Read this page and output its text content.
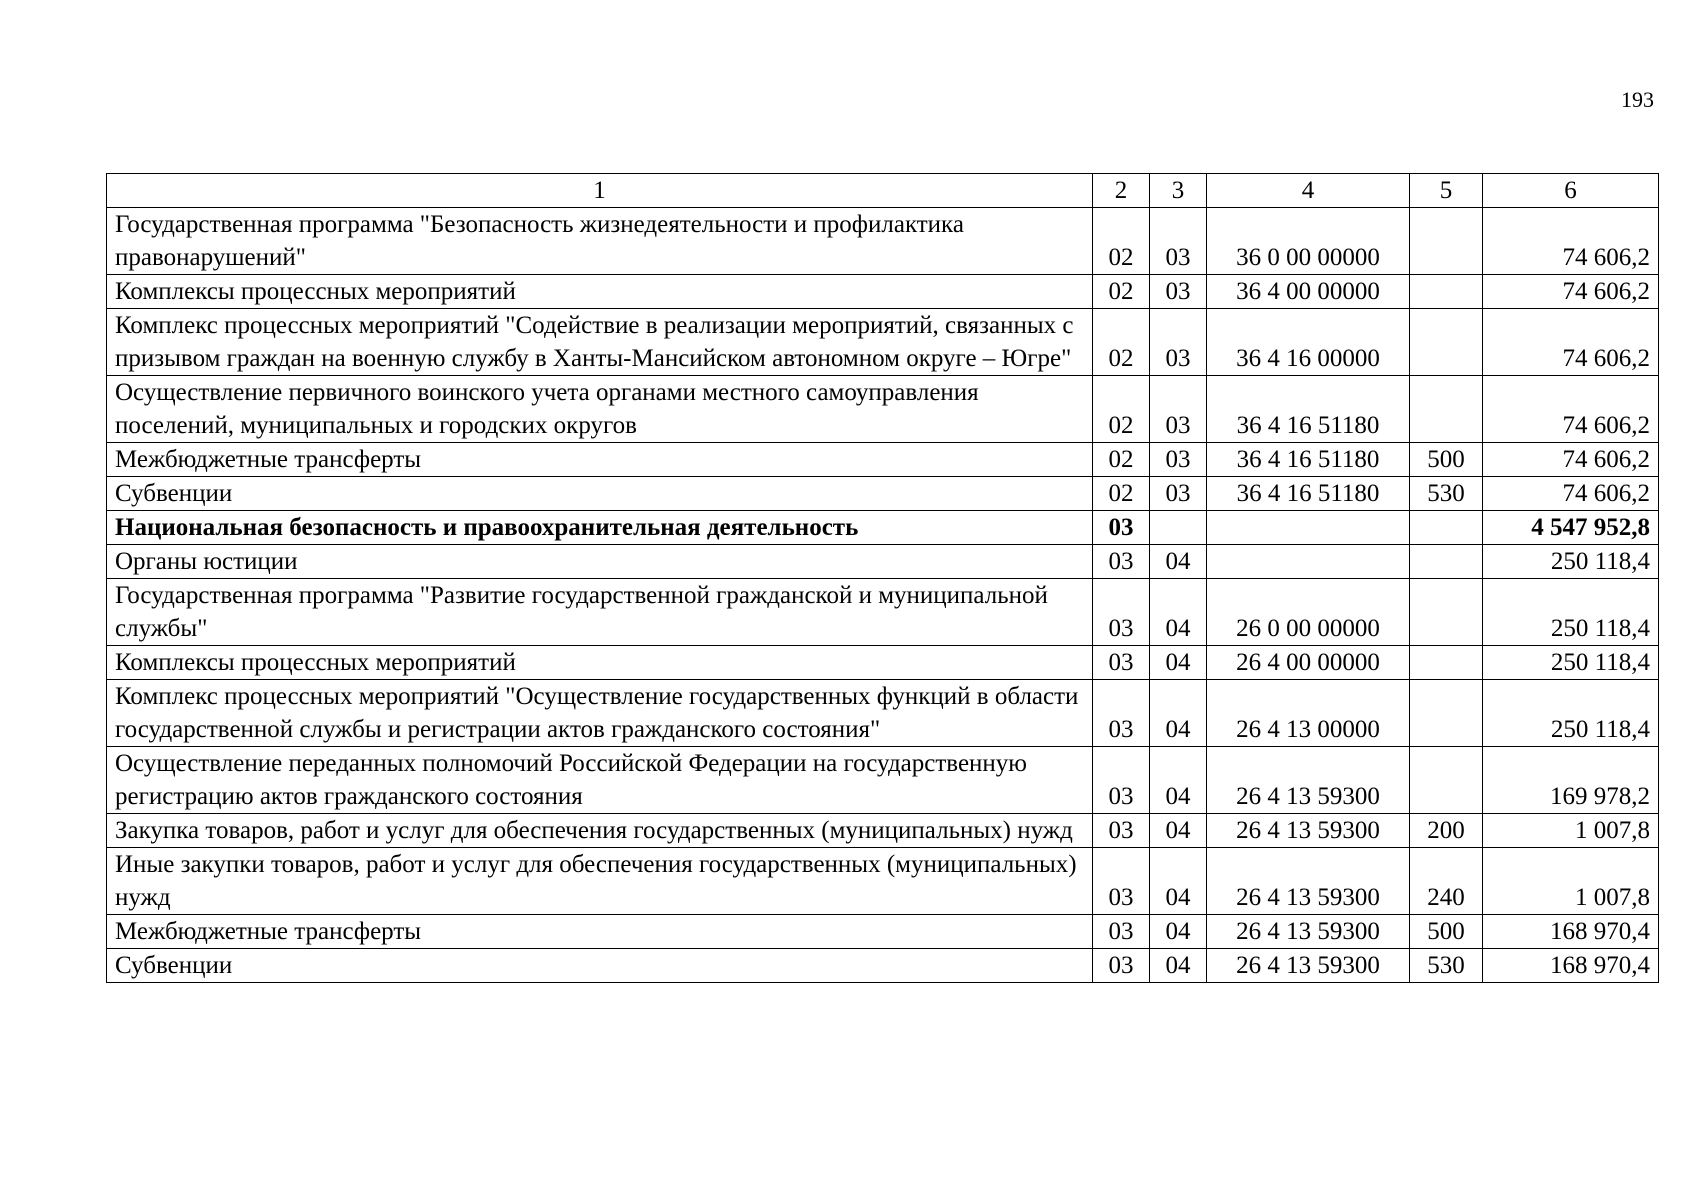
193
1	2	3	4	5	6
Государственная программа "Безопасность жизнедеятельности и профилактика правонарушений"	02	03	36 0 00 00000		74 606,2
Комплексы процессных мероприятий	02	03	36 4 00 00000		74 606,2
Комплекс процессных мероприятий "Содействие в реализации мероприятий, связанных с призывом граждан на военную службу в Ханты-Мансийском автономном округе – Югре"	02	03	36 4 16 00000		74 606,2
Осуществление первичного воинского учета органами местного самоуправления поселений, муниципальных и городских округов	02	03	36 4 16 51180		74 606,2
Межбюджетные трансферты	02	03	36 4 16 51180	500	74 606,2
Субвенции	02	03	36 4 16 51180	530	74 606,2
Национальная безопасность и правоохранительная деятельность	03				4 547 952,8
Органы юстиции	03	04			250 118,4
Государственная программа "Развитие государственной гражданской и муниципальной службы"	03	04	26 0 00 00000		250 118,4
Комплексы процессных мероприятий	03	04	26 4 00 00000		250 118,4
Комплекс процессных мероприятий "Осуществление государственных функций в области государственной службы и регистрации актов гражданского состояния"	03	04	26 4 13 00000		250 118,4
Осуществление переданных полномочий Российской Федерации на государственную регистрацию актов гражданского состояния	03	04	26 4 13 59300		169 978,2
Закупка товаров, работ и услуг для обеспечения государственных (муниципальных) нужд	03	04	26 4 13 59300	200	1 007,8
Иные закупки товаров, работ и услуг для обеспечения государственных (муниципальных) нужд	03	04	26 4 13 59300	240	1 007,8
Межбюджетные трансферты	03	04	26 4 13 59300	500	168 970,4
Субвенции	03	04	26 4 13 59300	530	168 970,4
